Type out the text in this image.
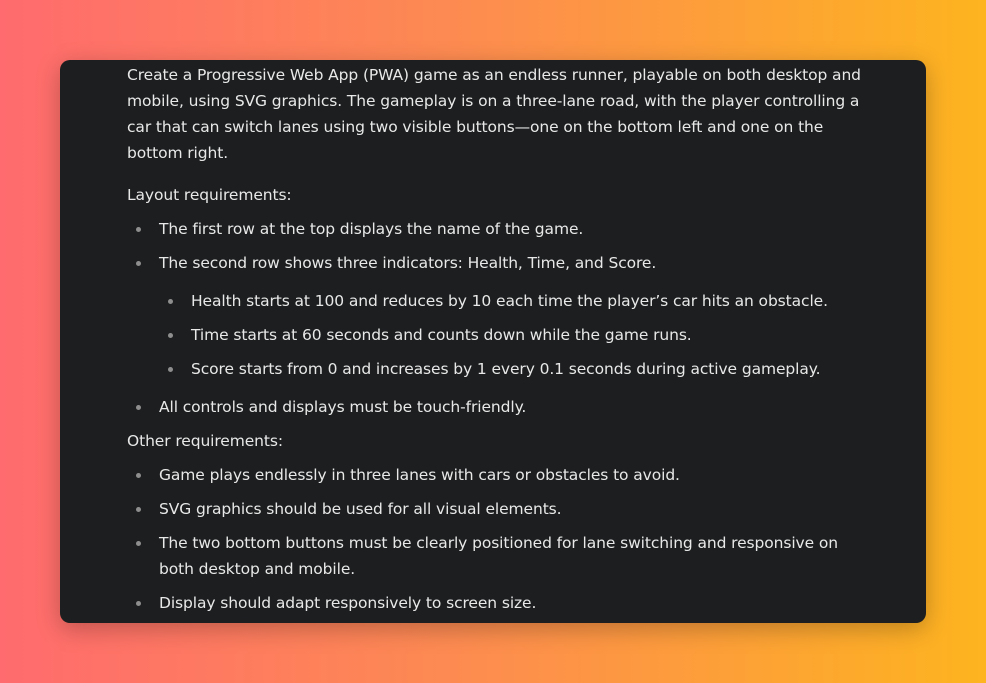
Create a Progressive Web App (PWA) game as an endless runner, playable on both desktop and mobile, using SVG graphics. The gameplay is on a three-lane road, with the player controlling a car that can switch lanes using two visible buttons—one on the bottom left and one on the bottom right.

Layout requirements:

The first row at the top displays the name of the game.
The second row shows three indicators: Health, Time, and Score.
Health starts at 100 and reduces by 10 each time the player’s car hits an obstacle.
Time starts at 60 seconds and counts down while the game runs.
Score starts from 0 and increases by 1 every 0.1 seconds during active gameplay.
All controls and displays must be touch-friendly.

Other requirements:

Game plays endlessly in three lanes with cars or obstacles to avoid.
SVG graphics should be used for all visual elements.
The two bottom buttons must be clearly positioned for lane switching and responsive on both desktop and mobile.
Display should adapt responsively to screen size.
